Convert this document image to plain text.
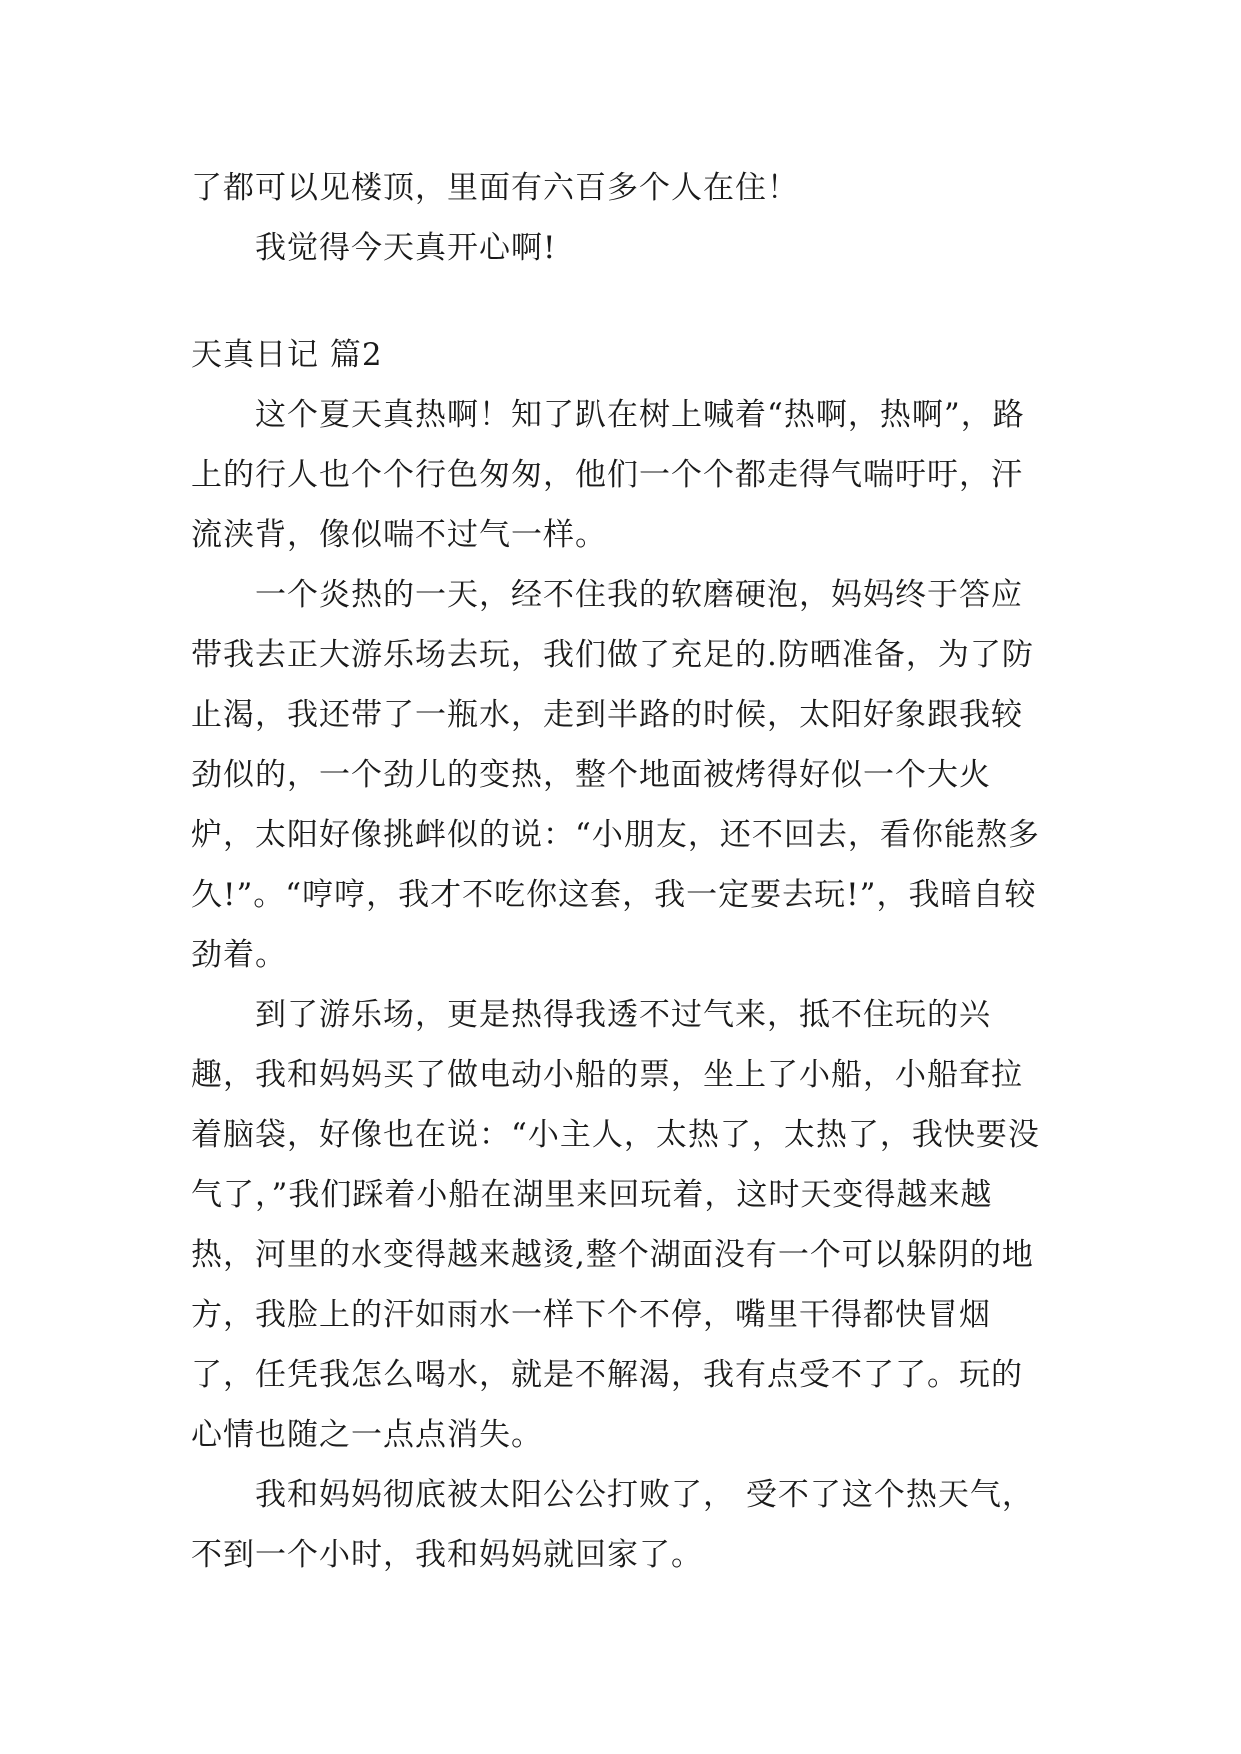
了都可以见楼顶，里面有六百多个人在住！

我觉得今天真开心啊!

天真日记 篇2

这个夏天真热啊！知了趴在树上喊着“热啊，热啊”，路上的行人也个个行色匆匆，他们一个个都走得气喘吁吁，汗流浃背，像似喘不过气一样。

一个炎热的一天，经不住我的软磨硬泡，妈妈终于答应带我去正大游乐场去玩，我们做了充足的.防晒准备，为了防止渴，我还带了一瓶水，走到半路的时候，太阳好象跟我较劲似的，一个劲儿的变热，整个地面被烤得好似一个大火炉，太阳好像挑衅似的说：“小朋友，还不回去，看你能熬多久!”。“哼哼，我才不吃你这套，我一定要去玩!”，我暗自较劲着。

到了游乐场，更是热得我透不过气来，抵不住玩的兴趣，我和妈妈买了做电动小船的票，坐上了小船，小船耷拉着脑袋，好像也在说：“小主人，太热了，太热了，我快要没气了，”我们踩着小船在湖里来回玩着，这时天变得越来越热，河里的水变得越来越烫,整个湖面没有一个可以躲阴的地方，我脸上的汗如雨水一样下个不停，嘴里干得都快冒烟了，任凭我怎么喝水，就是不解渴，我有点受不了了。玩的心情也随之一点点消失。

我和妈妈彻底被太阳公公打败了， 受不了这个热天气，不到一个小时，我和妈妈就回家了。
